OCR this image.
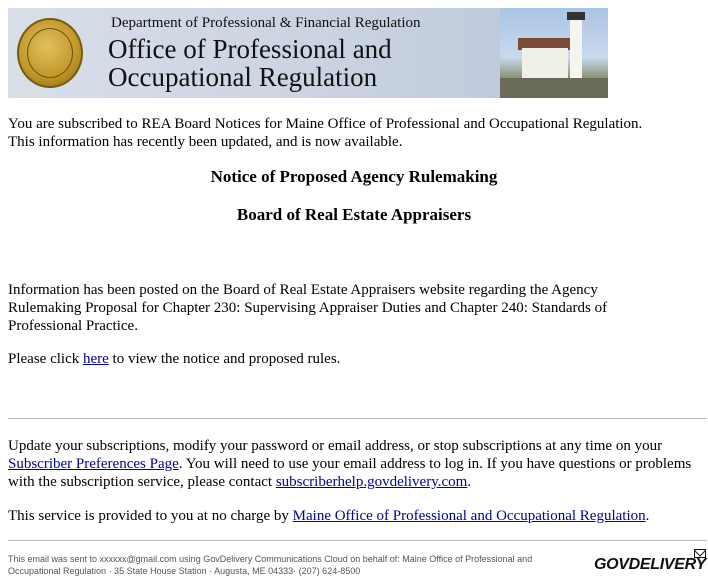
Department of Professional & Financial Regulation
Office of Professional and
Occupational Regulation
You are subscribed to REA Board Notices for Maine Office of Professional and Occupational Regulation.
This information has recently been updated, and is now available.
Notice of Proposed Agency Rulemaking
Board of Real Estate Appraisers
Information has been posted on the Board of Real Estate Appraisers website regarding the Agency Rulemaking Proposal for Chapter 230: Supervising Appraiser Duties and Chapter 240: Standards of Professional Practice.
Please click here to view the notice and proposed rules.
Update your subscriptions, modify your password or email address, or stop subscriptions at any time on your Subscriber Preferences Page. You will need to use your email address to log in. If you have questions or problems with the subscription service, please contact subscriberhelp.govdelivery.com.
This service is provided to you at no charge by Maine Office of Professional and Occupational Regulation.
This email was sent to xxxxxx@gmail.com using GovDelivery Communications Cloud on behalf of: Maine Office of Professional and
Occupational Regulation · 35 State House Station · Augusta, ME 04333· (207) 624-8500	GOVDELIVERY
